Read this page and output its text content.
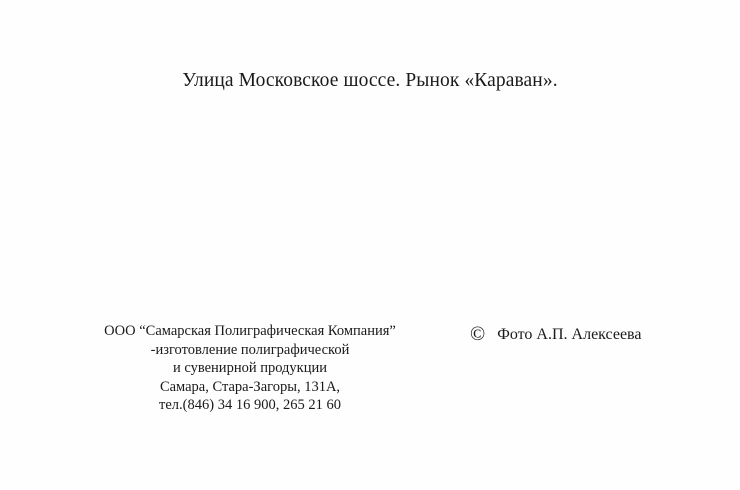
Улица Московское шоссе. Рынок «Караван».
ООО “Самарская Полиграфическая Компания”
-изготовление полиграфической
и сувенирной продукции
Самара, Стара-Загоры, 131А,
тел.(846) 34 16 900, 265 21 60
© Фото А.П. Алексеева
